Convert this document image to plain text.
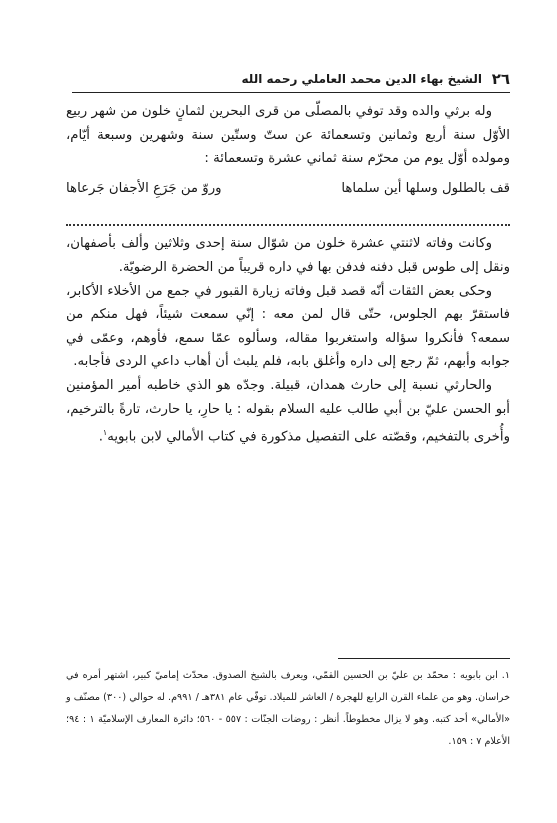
٢٦
الشيخ بهاء الدين محمد العاملي رحمه الله

وله برثي والده وقد توفي بالمصلّى من قرى البحرين لثمانٍ خلون من شهر ربيع الأوّل سنة أربع وثمانين وتسعمائة عن ستّ وستّين سنة وشهرين وسبعة أيّام، ومولده أوّل يوم من محرّم سنة ثماني عشرة وتسعمائة :

قف بالطلول وسلها أين سلماها
وروّ من جَرَعِ الأجفان جَرعاها

وكانت وفاته لاثنتي عشرة خلون من شوّال سنة إحدى وثلاثين وألف بأصفهان، ونقل إلى طوس قبل دفنه فدفن بها في داره قريباً من الحضرة الرضويّة.

وحكى بعض الثقات أنّه قصد قبل وفاته زيارة القبور في جمع من الأخلاء الأكابر، فاستقرّ بهم الجلوس، حتّى قال لمن معه : إنّي سمعت شيئاً، فهل منكم من سمعه؟ فأنكروا سؤاله واستغربوا مقاله، وسألوه عمّا سمع، فأوهم، وعمّى في جوابه وأبهم، ثمّ رجع إلى داره وأغلق بابه، فلم يلبث أن أهاب داعي الردى فأجابه.

والحارثي نسبة إلى حارث همدان، قبيلة. وجدّه هو الذي خاطبه أمير المؤمنين أبو الحسن عليّ بن أبي طالب عليه السلام بقوله : يا حارِ، يا حارث، تارةً بالترخيم، وأُخرى بالتفخيم، وقصّته على التفصيل مذكورة في كتاب الأمالي لابن بابويه$^١$.

١. ابن بابويه : محمّد بن عليّ بن الحسين القمّي، ويعرف بالشيخ الصدوق. محدّث إماميّ كبير، اشتهر أمره في خراسان. وهو من علماء القرن الرابع للهجرة / العاشر للميلاد. توفّي عام ٣٨١هـ / ٩٩١م. له حوالي (٣٠٠) مصنّف و «الأمالي» أحد كتبه. وهو لا يزال مخطوطاً. أنظر : روضات الجنّات : ٥٥٧ - ٥٦٠؛ دائرة المعارف الإسلاميّة ١ : ٩٤؛ الأعلام ٧ : ١٥٩.
